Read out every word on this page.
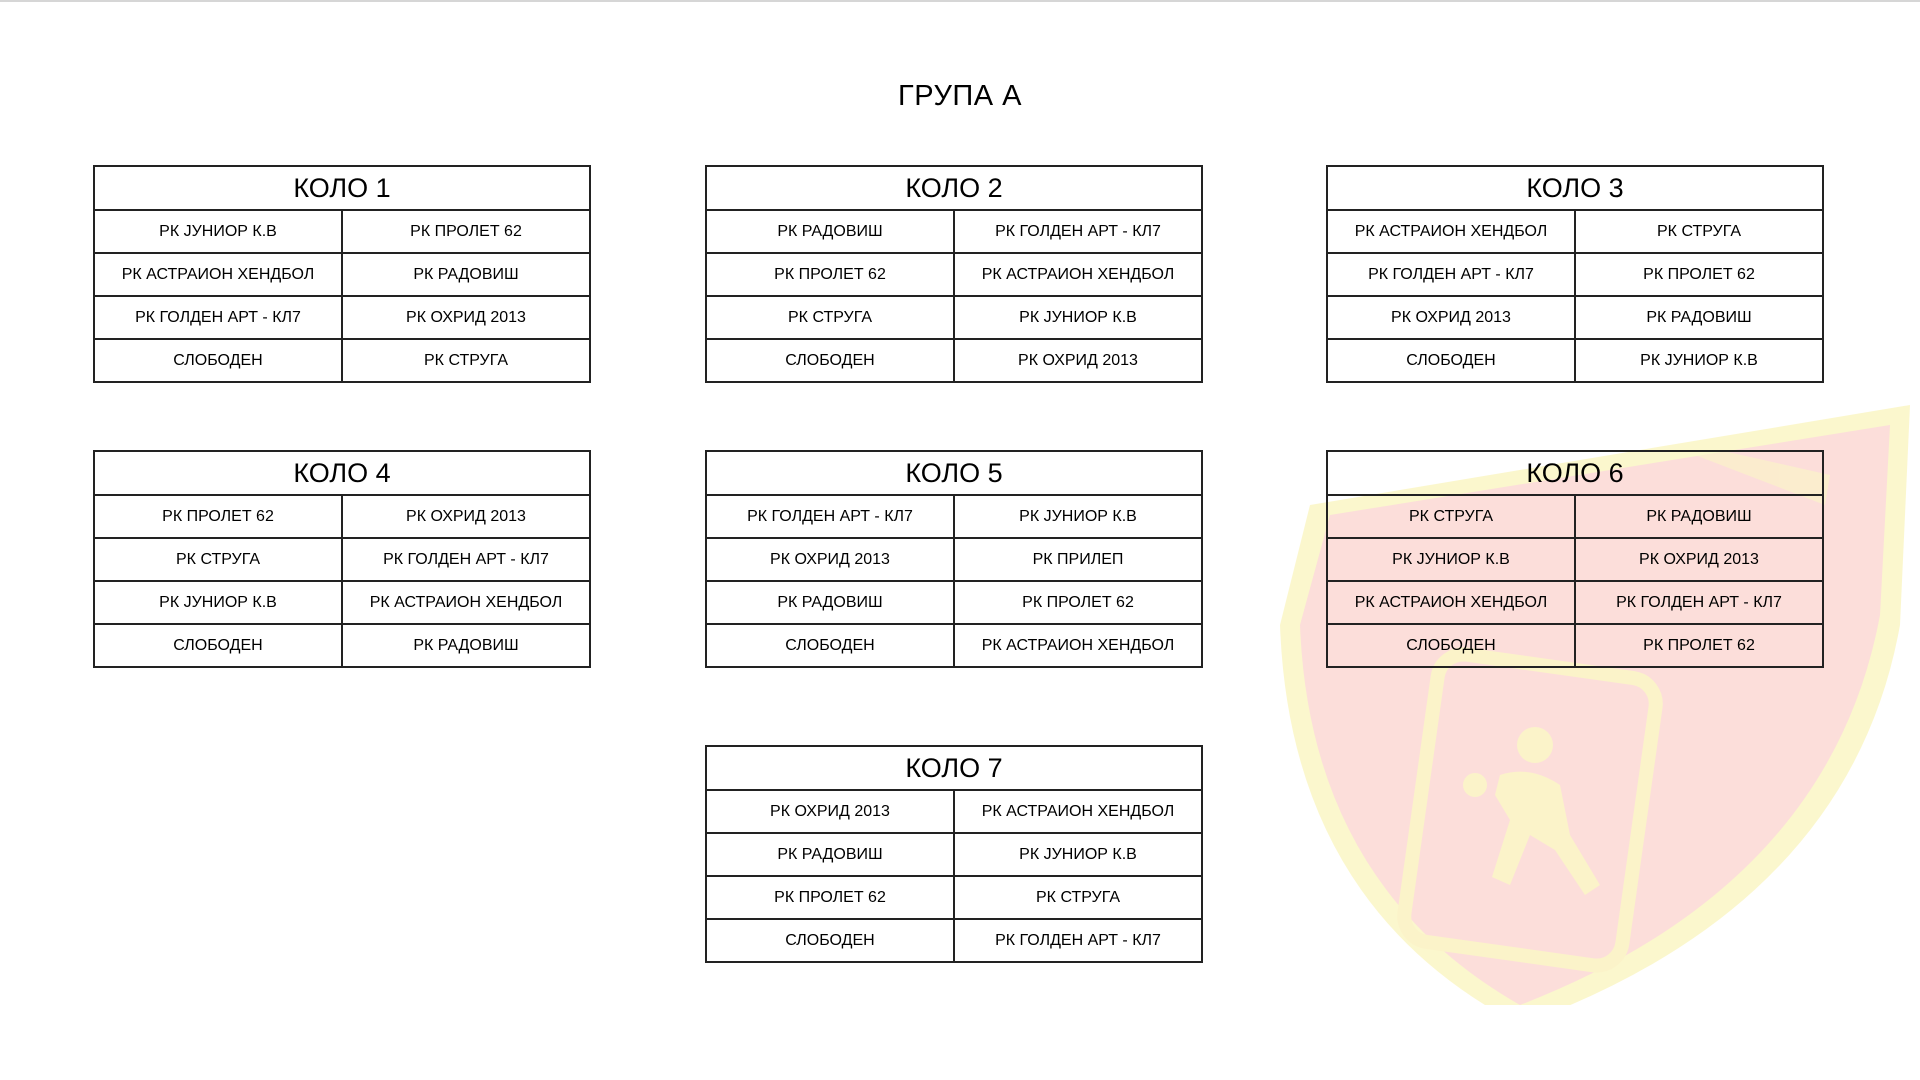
ГРУПА А
КОЛО 1
РК ЈУНИОР К.В	РК ПРОЛЕТ 62
РК АСТРАИОН ХЕНДБОЛ	РК РАДОВИШ
РК ГОЛДЕН АРТ - КЛ7	РК ОХРИД 2013
СЛОБОДЕН	РК СТРУГА
КОЛО 2
РК РАДОВИШ	РК ГОЛДЕН АРТ - КЛ7
РК ПРОЛЕТ 62	РК АСТРАИОН ХЕНДБОЛ
РК СТРУГА	РК ЈУНИОР К.В
СЛОБОДЕН	РК ОХРИД 2013
КОЛО 3
РК АСТРАИОН ХЕНДБОЛ	РК СТРУГА
РК ГОЛДЕН АРТ - КЛ7	РК ПРОЛЕТ 62
РК ОХРИД 2013	РК РАДОВИШ
СЛОБОДЕН	РК ЈУНИОР К.В
КОЛО 4
РК ПРОЛЕТ 62	РК ОХРИД 2013
РК СТРУГА	РК ГОЛДЕН АРТ - КЛ7
РК ЈУНИОР К.В	РК АСТРАИОН ХЕНДБОЛ
СЛОБОДЕН	РК РАДОВИШ
КОЛО 5
РК ГОЛДЕН АРТ - КЛ7	РК ЈУНИОР К.В
РК ОХРИД 2013	РК ПРИЛЕП
РК РАДОВИШ	РК ПРОЛЕТ 62
СЛОБОДЕН	РК АСТРАИОН ХЕНДБОЛ
КОЛО 6
РК СТРУГА	РК РАДОВИШ
РК ЈУНИОР К.В	РК ОХРИД 2013
РК АСТРАИОН ХЕНДБОЛ	РК ГОЛДЕН АРТ - КЛ7
СЛОБОДЕН	РК ПРОЛЕТ 62
КОЛО 7
РК ОХРИД 2013	РК АСТРАИОН ХЕНДБОЛ
РК РАДОВИШ	РК ЈУНИОР К.В
РК ПРОЛЕТ 62	РК СТРУГА
СЛОБОДЕН	РК ГОЛДЕН АРТ - КЛ7
